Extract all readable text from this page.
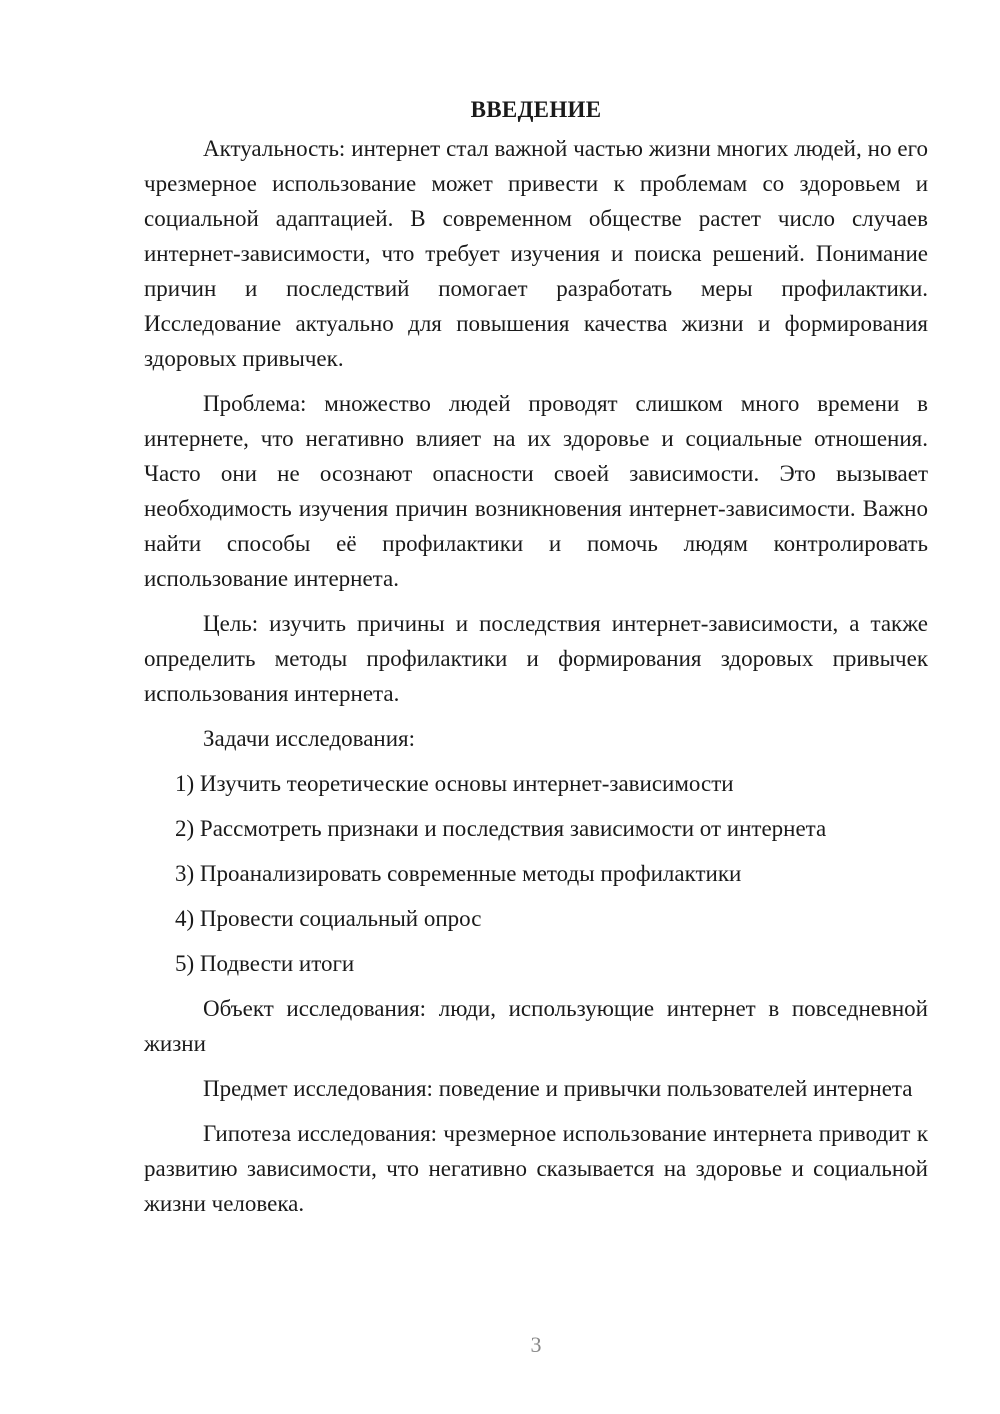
ВВЕДЕНИЕ

Актуальность: интернет стал важной частью жизни многих людей, но его чрезмерное использование может привести к проблемам со здоровьем и социальной адаптацией. В современном обществе растет число случаев интернет-зависимости, что требует изучения и поиска решений. Понимание причин и последствий помогает разработать меры профилактики. Исследование актуально для повышения качества жизни и формирования здоровых привычек.

Проблема: множество людей проводят слишком много времени в интернете, что негативно влияет на их здоровье и социальные отношения. Часто они не осознают опасности своей зависимости. Это вызывает необходимость изучения причин возникновения интернет-зависимости. Важно найти способы её профилактики и помочь людям контролировать использование интернета.

Цель: изучить причины и последствия интернет-зависимости, а также определить методы профилактики и формирования здоровых привычек использования интернета.

Задачи исследования:

1) Изучить теоретические основы интернет-зависимости
2) Рассмотреть признаки и последствия зависимости от интернета
3) Проанализировать современные методы профилактики
4) Провести социальный опрос
5) Подвести итоги

Объект исследования: люди, использующие интернет в повседневной жизни

Предмет исследования: поведение и привычки пользователей интернета

Гипотеза исследования: чрезмерное использование интернета приводит к развитию зависимости, что негативно сказывается на здоровье и социальной жизни человека.

3
